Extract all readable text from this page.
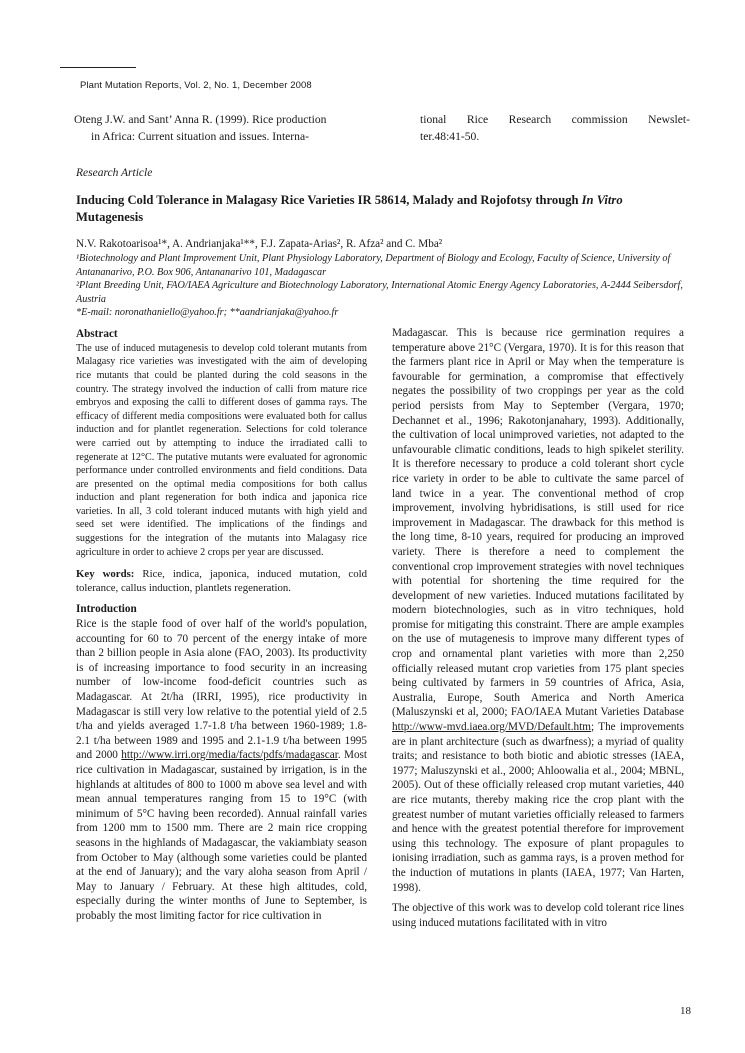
Plant Mutation Reports, Vol. 2, No. 1, December 2008
Oteng J.W. and Sant’ Anna R. (1999). Rice production
in Africa: Current situation and issues. Interna-
tional Rice Research commission Newslet-
ter.48:41-50.
Research Article
Inducing Cold Tolerance in Malagasy Rice Varieties IR 58614, Malady and Rojofotsy through In Vitro
Mutagenesis
N.V. Rakotoarisoa¹*, A. Andrianjaka¹**, F.J. Zapata-Arias², R. Afza² and C. Mba²
¹Biotechnology and Plant Improvement Unit, Plant Physiology Laboratory, Department of Biology and Ecology, Faculty of Science, University of Antananarivo, P.O. Box 906, Antananarivo 101, Madagascar
²Plant Breeding Unit, FAO/IAEA Agriculture and Biotechnology Laboratory, International Atomic Energy Agency Laboratories, A-2444 Seibersdorf, Austria
*E-mail: noronathaniello@yahoo.fr; **aandrianjaka@yahoo.fr

Abstract

The use of induced mutagenesis to develop cold tolerant mutants from Malagasy rice varieties was investigated with the aim of developing rice mutants that could be planted during the cold seasons in the country. The strategy involved the induction of calli from mature rice embryos and exposing the calli to different doses of gamma rays. The efficacy of different media compositions were evaluated both for callus induction and for plantlet regeneration. Selections for cold tolerance were carried out by attempting to induce the irradiated calli to regenerate at 12°C. The putative mutants were evaluated for agronomic performance under controlled environments and field conditions. Data are presented on the optimal media compositions for both callus induction and plant regeneration for both indica and japonica rice varieties. In all, 3 cold tolerant induced mutants with high yield and seed set were identified. The implications of the findings and suggestions for the integration of the mutants into Malagasy rice agriculture in order to achieve 2 crops per year are discussed.

Key words: Rice, indica, japonica, induced mutation, cold tolerance, callus induction, plantlets regeneration.

Introduction

Rice is the staple food of over half of the world's population, accounting for 60 to 70 percent of the energy intake of more than 2 billion people in Asia alone (FAO, 2003). Its productivity is of increasing importance to food security in an increasing number of low-income food-deficit countries such as Madagascar. At 2t/ha (IRRI, 1995), rice productivity in Madagascar is still very low relative to the potential yield of 2.5 t/ha and yields averaged 1.7-1.8 t/ha between 1960-1989; 1.8-2.1 t/ha between 1989 and 1995 and 2.1-1.9 t/ha between 1995 and 2000 http://www.irri.org/media/facts/pdfs/madagascar. Most rice cultivation in Madagascar, sustained by irrigation, is in the highlands at altitudes of 800 to 1000 m above sea level and with mean annual temperatures ranging from 15 to 19°C (with minimum of 5°C having been recorded). Annual rainfall varies from 1200 mm to 1500 mm. There are 2 main rice cropping seasons in the highlands of Madagascar, the vakiambiaty season from October to May (although some varieties could be planted at the end of January); and the vary aloha season from April / May to January / February. At these high altitudes, cold, especially during the winter months of June to September, is probably the most limiting factor for rice cultivation in

Madagascar. This is because rice germination requires a temperature above 21°C (Vergara, 1970). It is for this reason that the farmers plant rice in April or May when the temperature is favourable for germination, a compromise that effectively negates the possibility of two croppings per year as the cold period persists from May to September (Vergara, 1970; Dechannet et al., 1996; Rakotonjanahary, 1993). Additionally, the cultivation of local unimproved varieties, not adapted to the unfavourable climatic conditions, leads to high spikelet sterility. It is therefore necessary to produce a cold tolerant short cycle rice variety in order to be able to cultivate the same parcel of land twice in a year. The conventional method of crop improvement, involving hybridisations, is still used for rice improvement in Madagascar. The drawback for this method is the long time, 8-10 years, required for producing an improved variety. There is therefore a need to complement the conventional crop improvement strategies with novel techniques with potential for shortening the time required for the development of new varieties. Induced mutations facilitated by modern biotechnologies, such as in vitro techniques, hold promise for mitigating this constraint. There are ample examples on the use of mutagenesis to improve many different types of crop and ornamental plant varieties with more than 2,250 officially released mutant crop varieties from 175 plant species being cultivated by farmers in 59 countries of Africa, Asia, Australia, Europe, South America and North America (Maluszynski et al, 2000; FAO/IAEA Mutant Varieties Database http://www-mvd.iaea.org/MVD/Default.htm; The improvements are in plant architecture (such as dwarfness); a myriad of quality traits; and resistance to both biotic and abiotic stresses (IAEA, 1977; Maluszynski et al., 2000; Ahloowalia et al., 2004; MBNL, 2005). Out of these officially released crop mutant varieties, 440 are rice mutants, thereby making rice the crop plant with the greatest number of mutant varieties officially released to farmers and hence with the greatest potential therefore for improvement using this technology. The exposure of plant propagules to ionising irradiation, such as gamma rays, is a proven method for the induction of mutations in plants (IAEA, 1977; Van Harten, 1998).

The objective of this work was to develop cold tolerant rice lines using induced mutations facilitated with in vitro

18
